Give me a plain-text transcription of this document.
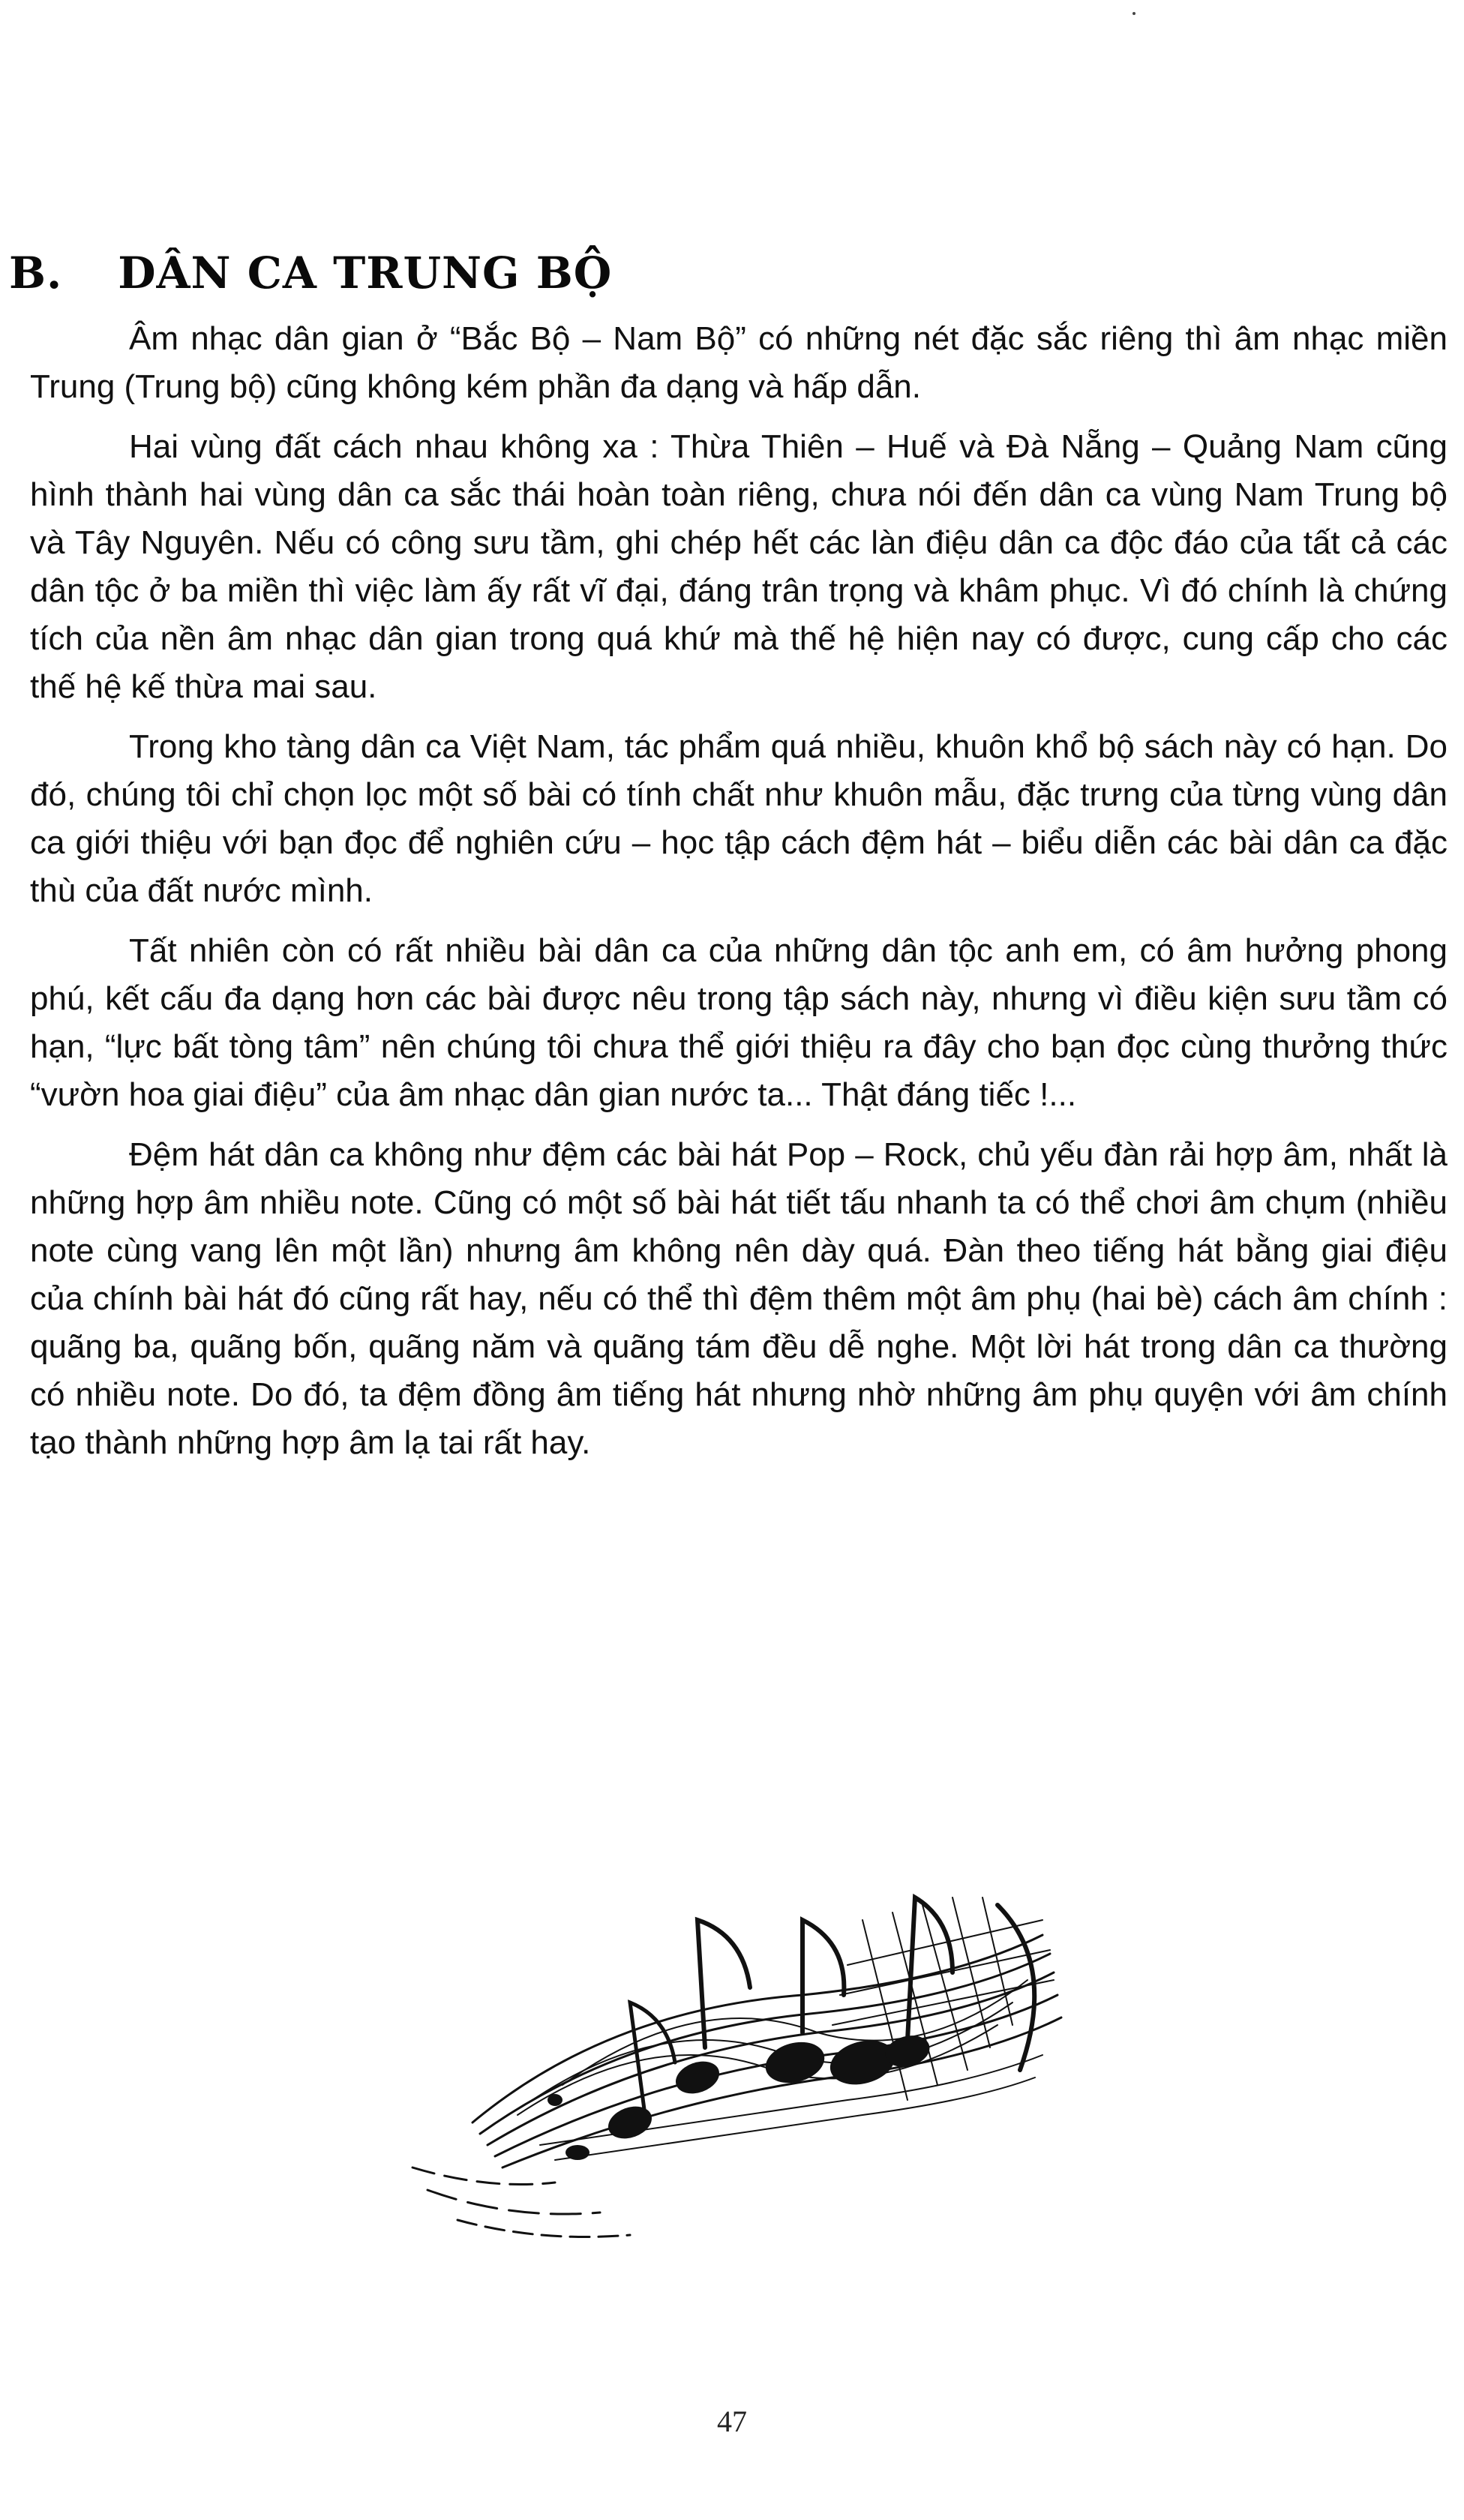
B. DÂN CA TRUNG BỘ

Âm nhạc dân gian ở “Bắc Bộ – Nam Bộ” có những nét đặc sắc riêng thì âm nhạc miền Trung (Trung bộ) cũng không kém phần đa dạng và hấp dẫn.

Hai vùng đất cách nhau không xa : Thừa Thiên – Huế và Đà Nẵng – Quảng Nam cũng hình thành hai vùng dân ca sắc thái hoàn toàn riêng, chưa nói đến dân ca vùng Nam Trung bộ và Tây Nguyên. Nếu có công sưu tầm, ghi chép hết các làn điệu dân ca độc đáo của tất cả các dân tộc ở ba miền thì việc làm ấy rất vĩ đại, đáng trân trọng và khâm phục. Vì đó chính là chứng tích của nền âm nhạc dân gian trong quá khứ mà thế hệ hiện nay có được, cung cấp cho các thế hệ kế thừa mai sau.

Trong kho tàng dân ca Việt Nam, tác phẩm quá nhiều, khuôn khổ bộ sách này có hạn. Do đó, chúng tôi chỉ chọn lọc một số bài có tính chất như khuôn mẫu, đặc trưng của từng vùng dân ca giới thiệu với bạn đọc để nghiên cứu – học tập cách đệm hát – biểu diễn các bài dân ca đặc thù của đất nước mình.

Tất nhiên còn có rất nhiều bài dân ca của những dân tộc anh em, có âm hưởng phong phú, kết cấu đa dạng hơn các bài được nêu trong tập sách này, nhưng vì điều kiện sưu tầm có hạn, “lực bất tòng tâm” nên chúng tôi chưa thể giới thiệu ra đây cho bạn đọc cùng thưởng thức “vườn hoa giai điệu” của âm nhạc dân gian nước ta... Thật đáng tiếc !...

Đệm hát dân ca không như đệm các bài hát Pop – Rock, chủ yếu đàn rải hợp âm, nhất là những hợp âm nhiều note. Cũng có một số bài hát tiết tấu nhanh ta có thể chơi âm chụm (nhiều note cùng vang lên một lần) nhưng âm không nên dày quá. Đàn theo tiếng hát bằng giai điệu của chính bài hát đó cũng rất hay, nếu có thể thì đệm thêm một âm phụ (hai bè) cách âm chính : quãng ba, quãng bốn, quãng năm và quãng tám đều dễ nghe. Một lời hát trong dân ca thường có nhiều note. Do đó, ta đệm đồng âm tiếng hát nhưng nhờ những âm phụ quyện với âm chính tạo thành những hợp âm lạ tai rất hay.

47
